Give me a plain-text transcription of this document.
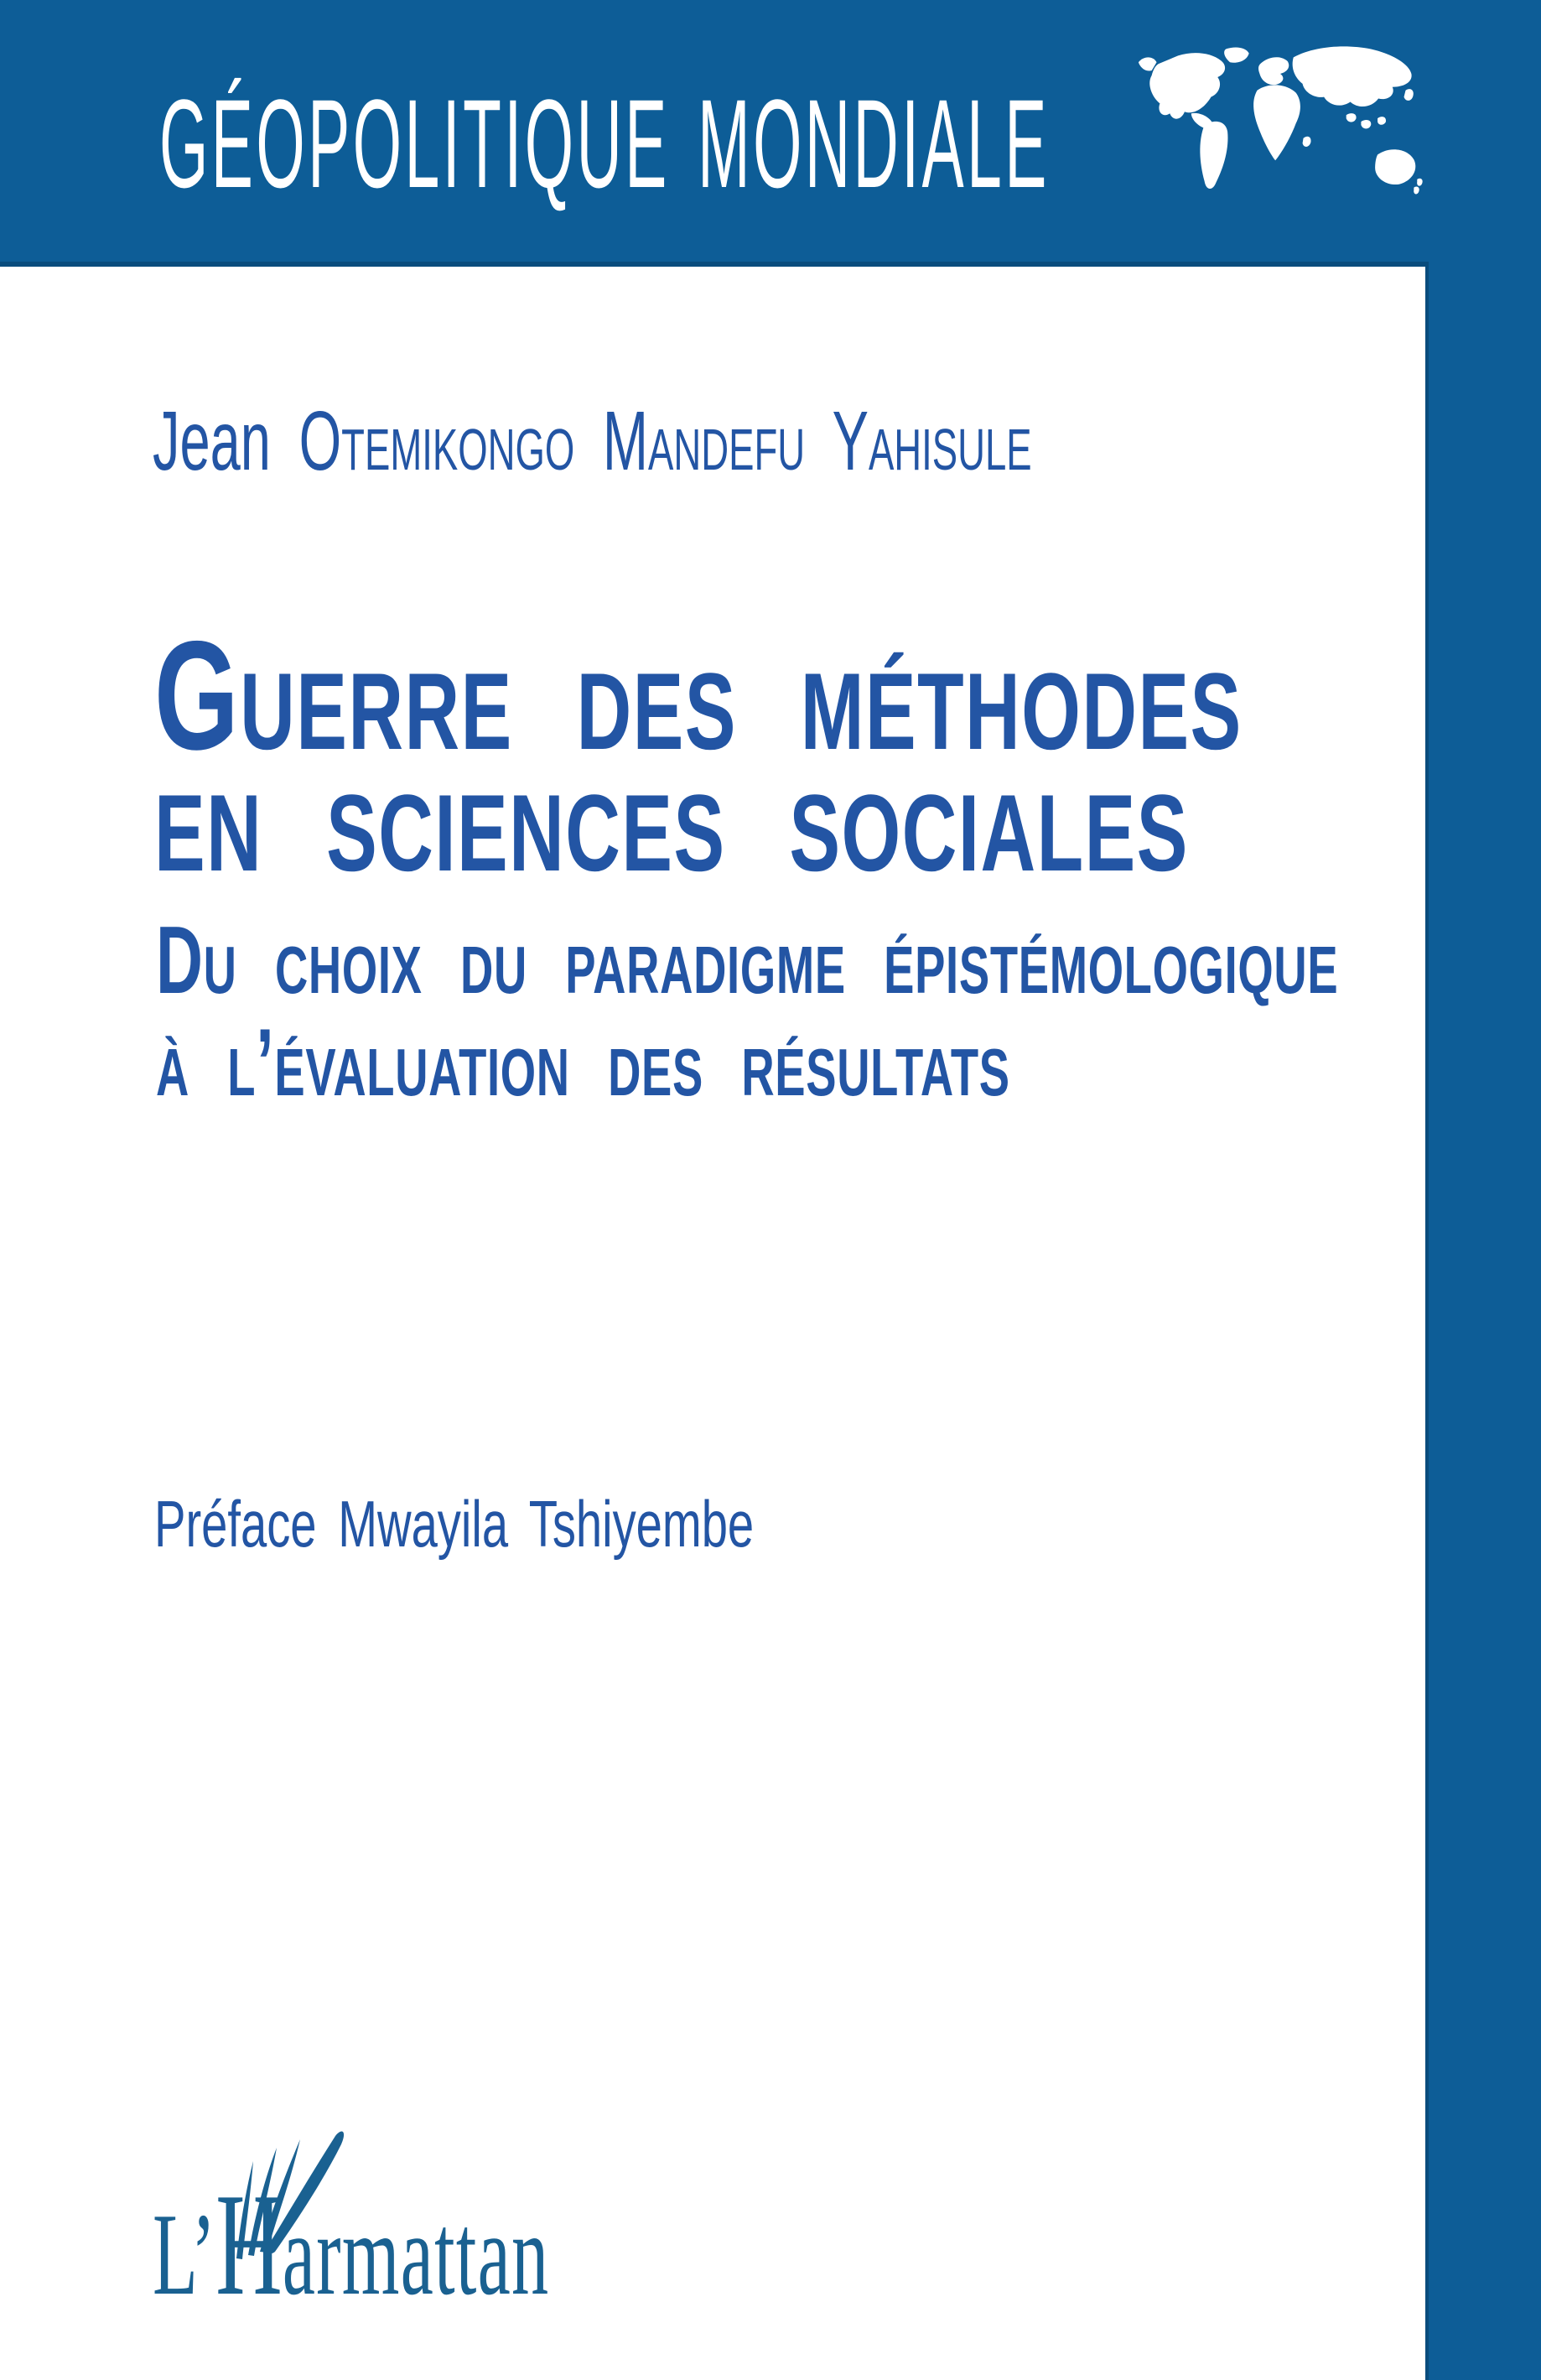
GÉOPOLITIQUE MONDIALE
Jean Otemikongo Mandefu Yahisule
Guerre des méthodes
en sciences sociales
Du choix du paradigme épistémologique
à l’évaluation des résultats
Préface Mwayila Tshiyembe
L’ H armattan
